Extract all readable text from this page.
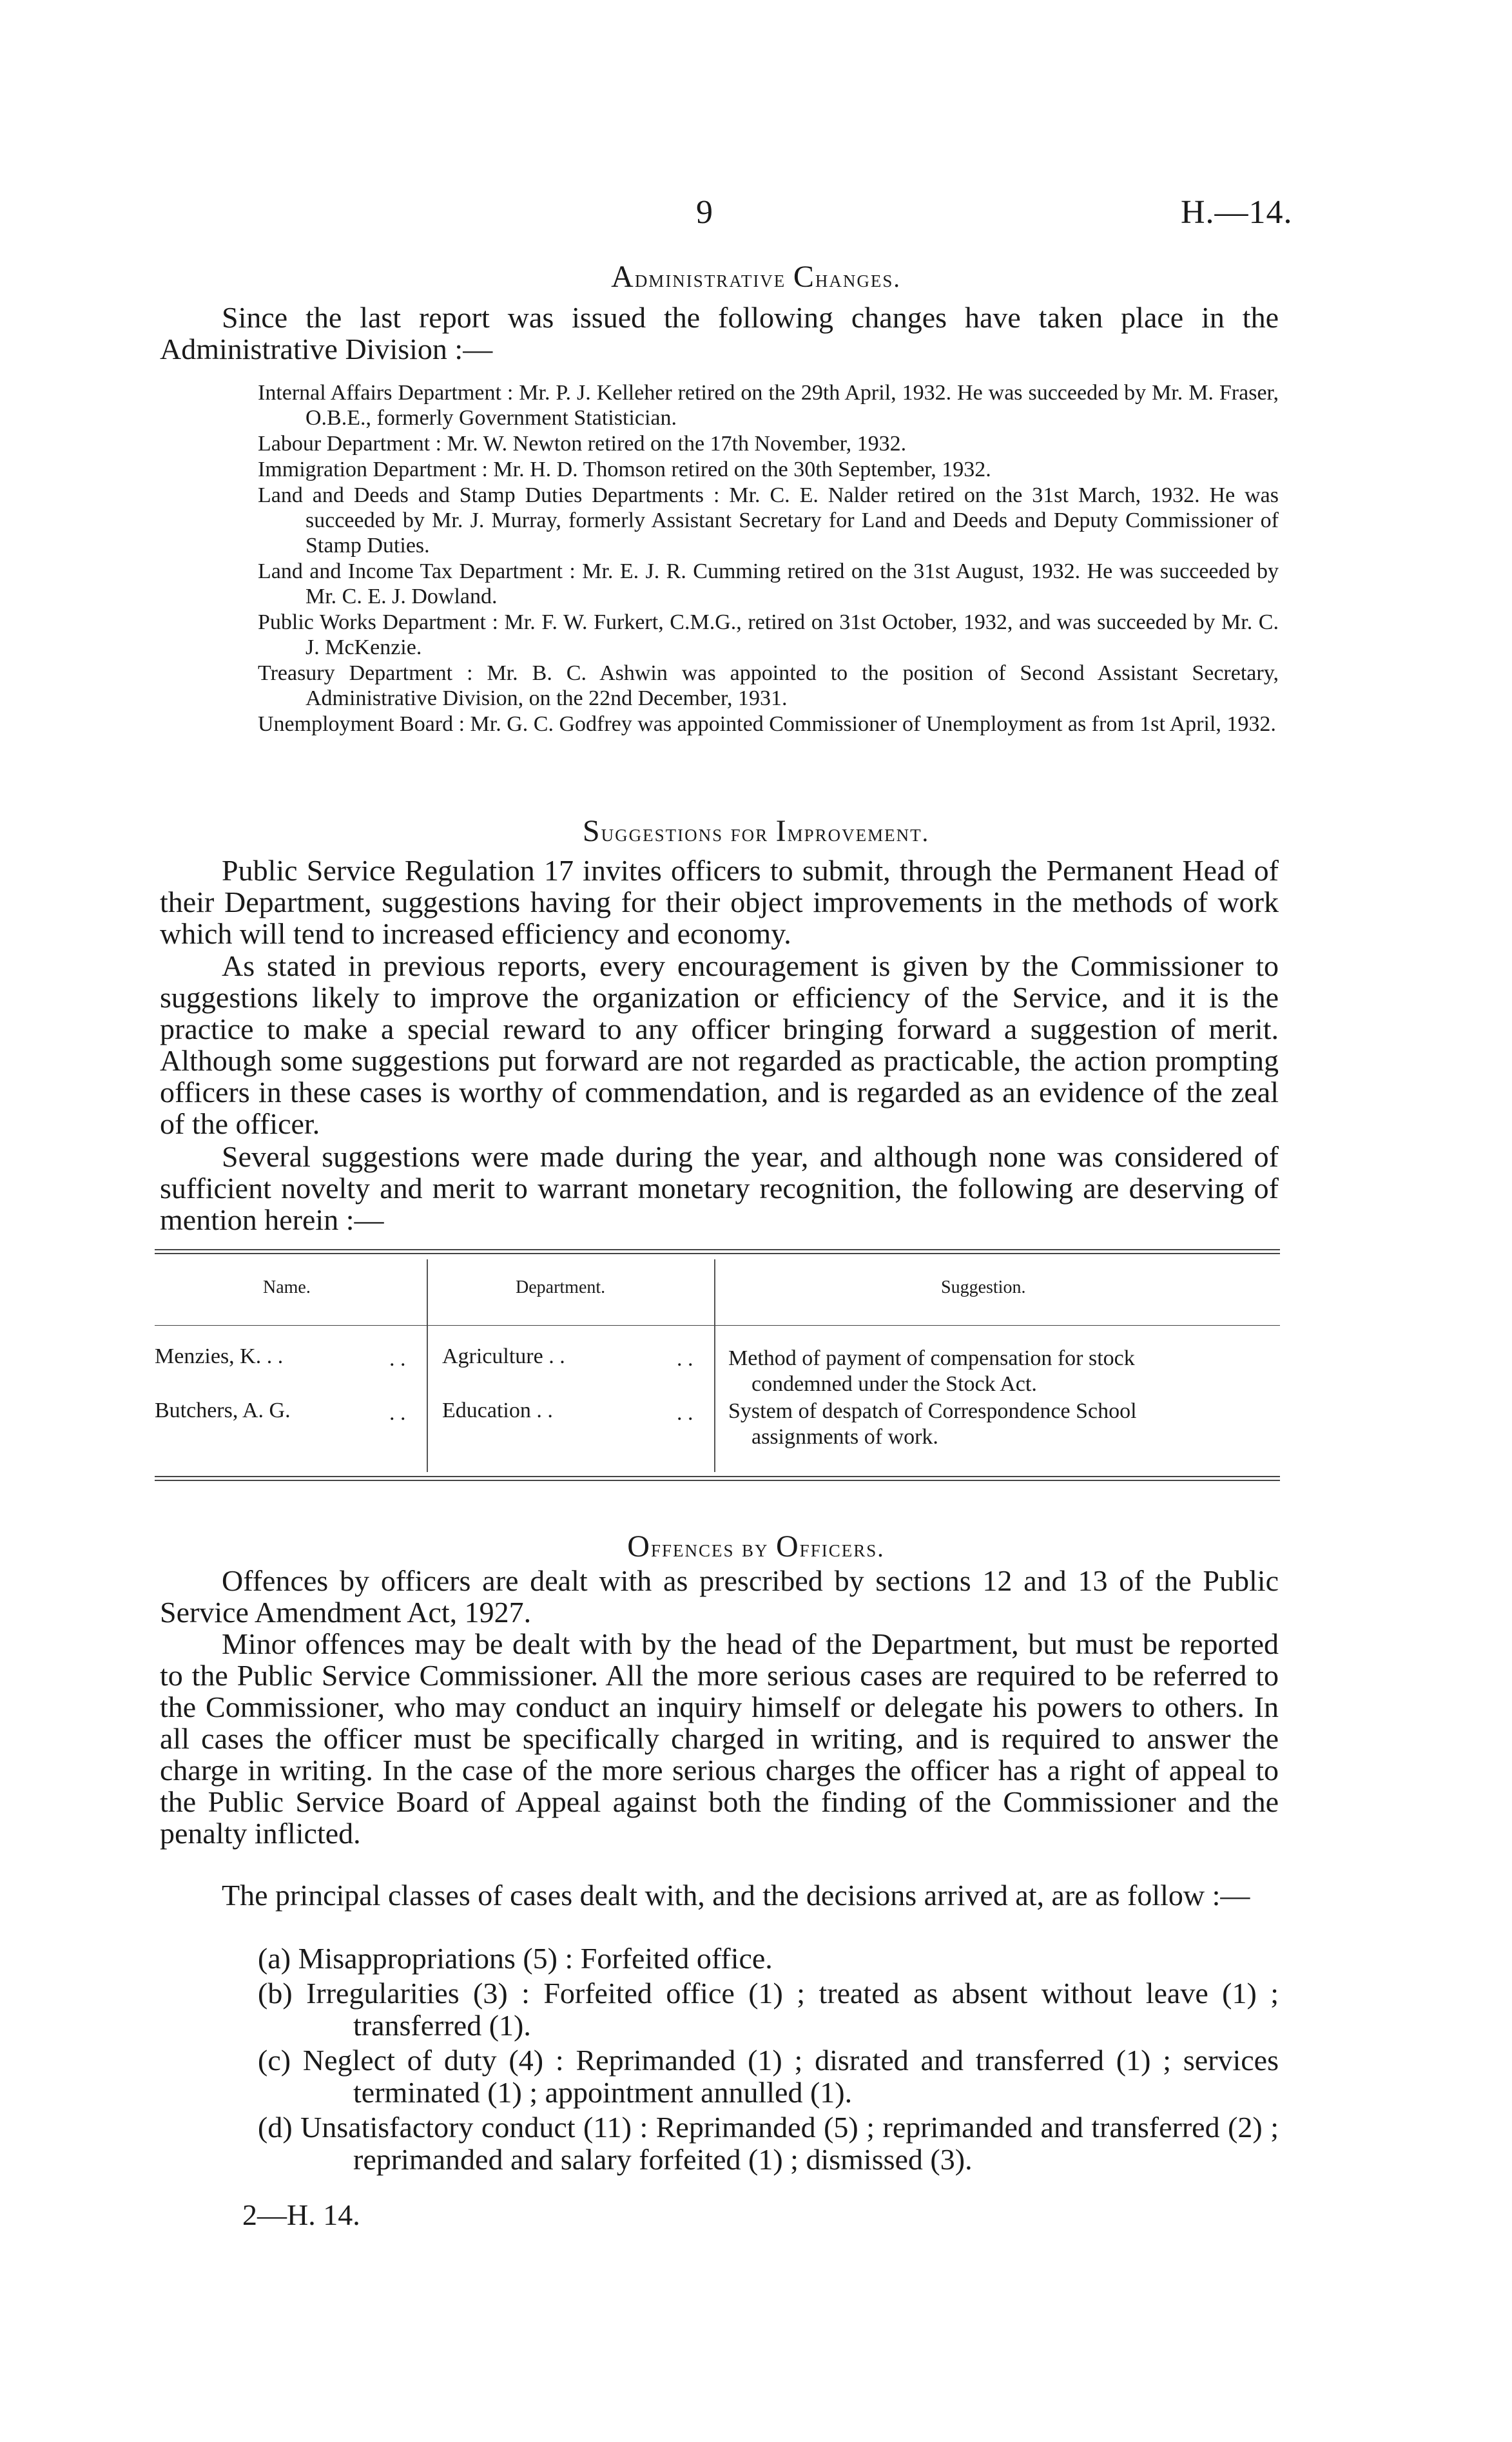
9	H.—14.
Administrative Changes.

Since the last report was issued the following changes have taken place in the Administrative Division :—

Internal Affairs Department : Mr. P. J. Kelleher retired on the 29th April, 1932. He was succeeded by Mr. M. Fraser, O.B.E., formerly Government Statistician.

Labour Department : Mr. W. Newton retired on the 17th November, 1932.

Immigration Department : Mr. H. D. Thomson retired on the 30th September, 1932.

Land and Deeds and Stamp Duties Departments : Mr. C. E. Nalder retired on the 31st March, 1932. He was succeeded by Mr. J. Murray, formerly Assistant Secretary for Land and Deeds and Deputy Commissioner of Stamp Duties.

Land and Income Tax Department : Mr. E. J. R. Cumming retired on the 31st August, 1932. He was succeeded by Mr. C. E. J. Dowland.

Public Works Department : Mr. F. W. Furkert, C.M.G., retired on 31st October, 1932, and was succeeded by Mr. C. J. McKenzie.

Treasury Department : Mr. B. C. Ashwin was appointed to the position of Second Assistant Secretary, Administrative Division, on the 22nd December, 1931.

Unemployment Board : Mr. G. C. Godfrey was appointed Commissioner of Unemployment as from 1st April, 1932.

Suggestions for Improvement.

Public Service Regulation 17 invites officers to submit, through the Permanent Head of their Department, suggestions having for their object improvements in the methods of work which will tend to increased efficiency and economy.

As stated in previous reports, every encouragement is given by the Commissioner to suggestions likely to improve the organization or efficiency of the Service, and it is the practice to make a special reward to any officer bringing forward a suggestion of merit. Although some suggestions put forward are not regarded as practicable, the action prompting officers in these cases is worthy of commendation, and is regarded as an evidence of the zeal of the officer.

Several suggestions were made during the year, and although none was considered of sufficient novelty and merit to warrant monetary recognition, the following are deserving of mention herein :—

Name.	Department.	Suggestion.
Menzies, K. . .	. . Agriculture . .	. . Method of payment of compensation for stock
condemned under the Stock Act.
Butchers, A. G.	. . Education . .	. . System of despatch of Correspondence School
assignments of work.
Offences by Officers.

Offences by officers are dealt with as prescribed by sections 12 and 13 of the Public Service Amendment Act, 1927.

Minor offences may be dealt with by the head of the Department, but must be reported to the Public Service Commissioner. All the more serious cases are required to be referred to the Commissioner, who may conduct an inquiry himself or delegate his powers to others. In all cases the officer must be specifically charged in writing, and is required to answer the charge in writing. In the case of the more serious charges the officer has a right of appeal to the Public Service Board of Appeal against both the finding of the Commissioner and the penalty inflicted.

The principal classes of cases dealt with, and the decisions arrived at, are as follow :—

(a) Misappropriations (5) : Forfeited office.

(b) Irregularities (3) : Forfeited office (1) ; treated as absent without leave (1) ; transferred (1).

(c) Neglect of duty (4) : Reprimanded (1) ; disrated and transferred (1) ; services terminated (1) ; appointment annulled (1).

(d) Unsatisfactory conduct (11) : Reprimanded (5) ; reprimanded and transferred (2) ; reprimanded and salary forfeited (1) ; dismissed (3).

2—H. 14.
